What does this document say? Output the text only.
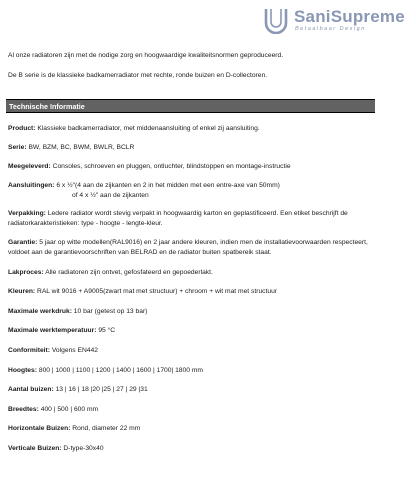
SaniSupreme
Betaalbaar Design
Al onze radiatoren zijn met de nodige zorg en hoogwaardige kwaliteitsnormen geproduceerd.
De B serie is de klassieke badkamerradiator met rechte, ronde buizen en D-collectoren.
Technische Informatie
Product: Klassieke badkamerradiator, met middenaansluiting of enkel zij aansluiting.
Serie: BW, BZM, BC, BWM, BWLR, BCLR
Meegeleverd: Consoles, schroeven en pluggen, ontluchter, blindstoppen en montage-instructie
Aansluitingen: 6 x ½"(4 aan de zijkanten en 2 in het midden met een entre-axe van 50mm)
of 4 x ½" aan de zijkanten
Verpakking: Ledere radiator wordt stevig verpakt in hoogwaardig karton en geplastificeerd. Een etiket beschrijft de radiatorkarakteristieken: type - hoogte - lengte-kleur.
Garantie: 5 jaar op witte modellen(RAL9016) en 2 jaar andere kleuren, indien men de installatievoorwaarden respecteert, voldoet aan de garantievoorschriften van BELRAD en de radiator buiten spatbereik staat.
Lakproces: Alle radiatoren zijn ontvet, gefosfateerd en gepoederlakt.
Kleuren: RAL wit 9016 + A9005(zwart mat met structuur) + chroom + wit mat met structuur
Maximale werkdruk: 10 bar (getest op 13 bar)
Maximale werktemperatuur: 95 °C
Conformiteit: Volgens EN442
Hoogtes: 800 | 1000 | 1100 | 1200 | 1400 | 1600 | 1700| 1800 mm
Aantal buizen: 13 | 16 | 18 |20 |25 | 27 | 29 |31
Breedtes: 400 | 500 | 600 mm
Horizontale Buizen: Rond, diameter 22 mm
Verticale Buizen: D-type-30x40
